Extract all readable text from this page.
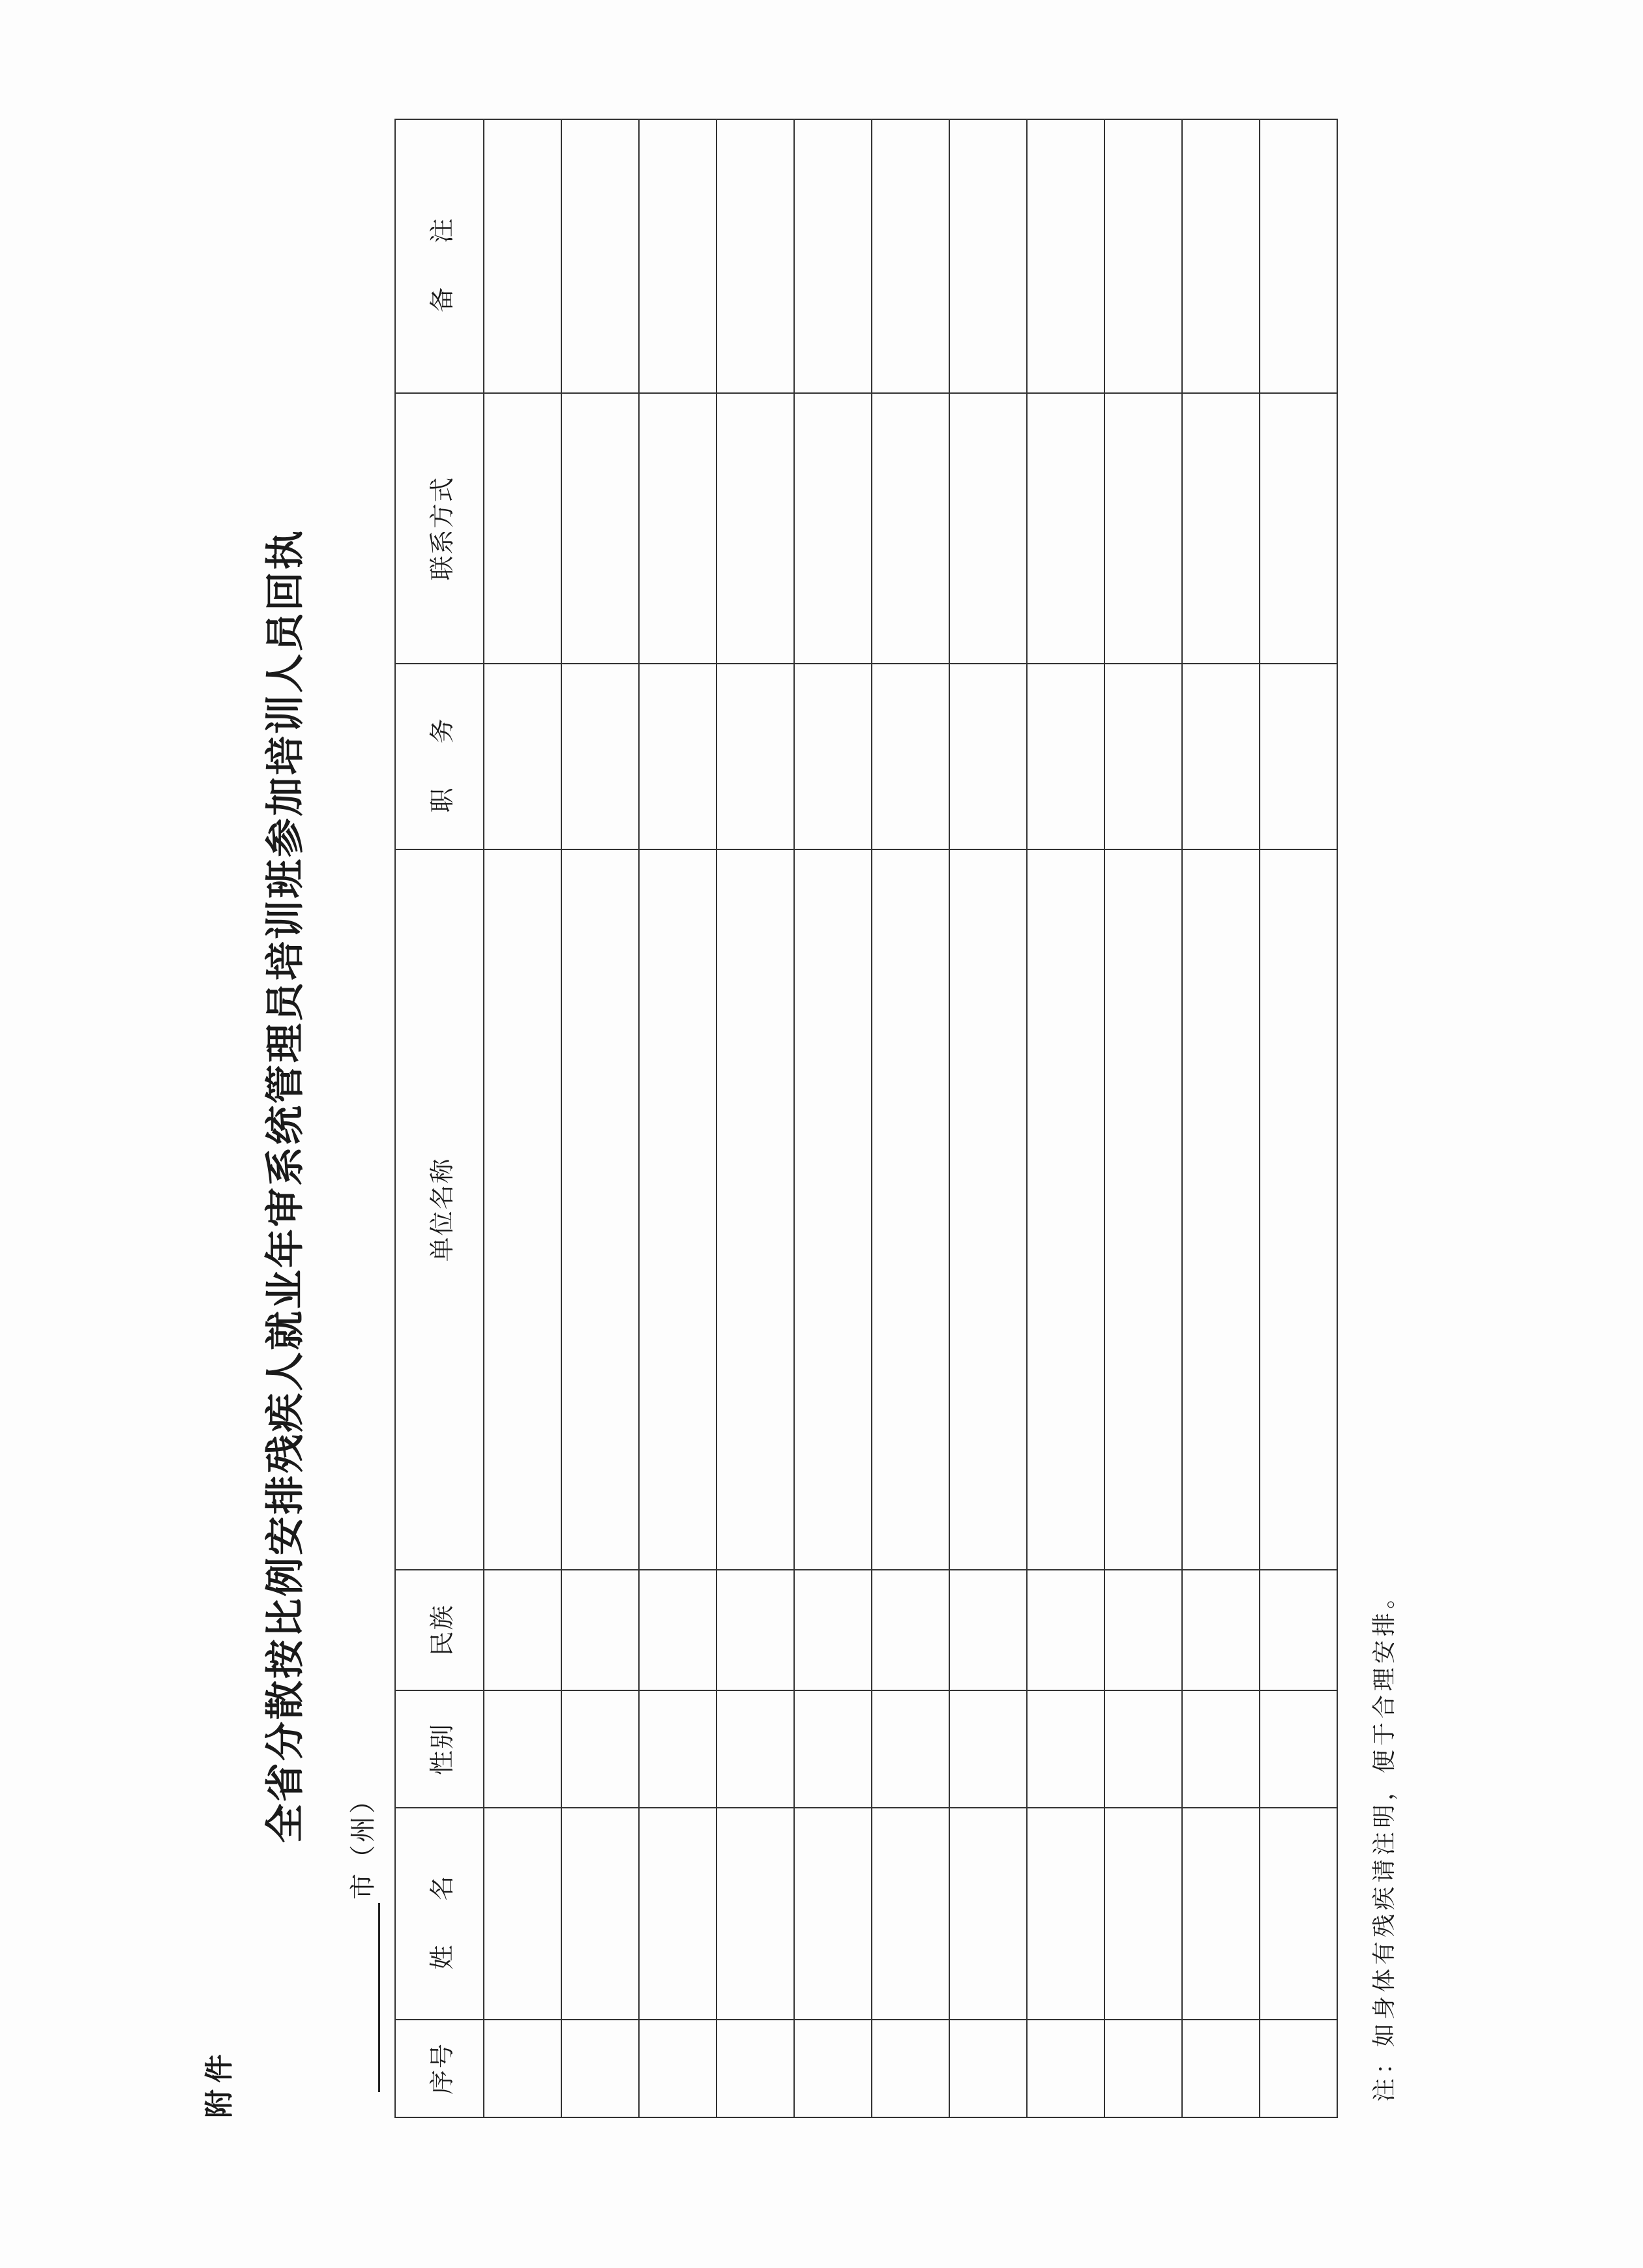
附件
全省分散按比例安排残疾人就业年审系统管理员培训班参加培训人员回执 市（州）
序号	姓 名	性别	民族	单位名称	职 务	联系方式	备 注

注：如身体有残疾请注明，便于合理安排。
